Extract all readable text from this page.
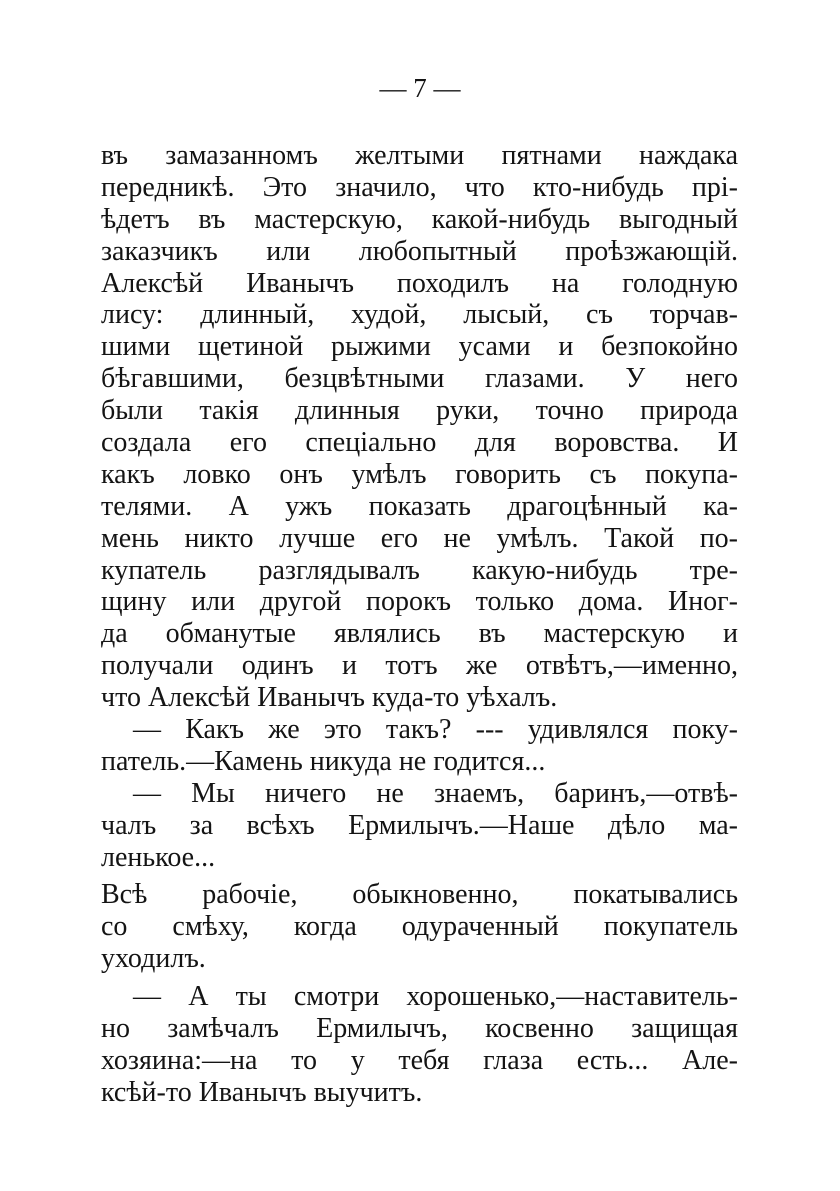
— 7 —
въ замазанномъ желтыми пятнами наждака
передникѣ. Это значило, что кто-нибудь прі-
ѣдетъ въ мастерскую, какой-нибудь выгодный
заказчикъ или любопытный проѣзжающій.
Алексѣй Иванычъ походилъ на голодную
лису: длинный, худой, лысый, съ торчав-
шими щетиной рыжими усами и безпокойно
бѣгавшими, безцвѣтными глазами. У него
были такія длинныя руки, точно природа
создала его спеціально для воровства. И
какъ ловко онъ умѣлъ говорить съ покупа-
телями. А ужъ показать драгоцѣнный ка-
мень никто лучше его не умѣлъ. Такой по-
купатель разглядывалъ какую-нибудь тре-
щину или другой порокъ только дома. Иног-
да обманутые являлись въ мастерскую и
получали одинъ и тотъ же отвѣтъ,—именно,
что Алексѣй Иванычъ куда-то уѣхалъ.
— Какъ же это такъ? --- удивлялся поку-
патель.—Камень никуда не годится...
— Мы ничего не знаемъ, баринъ,—отвѣ-
чалъ за всѣхъ Ермилычъ.—Наше дѣло ма-
ленькое...
Всѣ рабочіе, обыкновенно, покатывались
со смѣху, когда одураченный покупатель
уходилъ.
— А ты смотри хорошенько,—наставитель-
но замѣчалъ Ермилычъ, косвенно защищая
хозяина:—на то у тебя глаза есть... Але-
ксѣй-то Иванычъ выучитъ.
